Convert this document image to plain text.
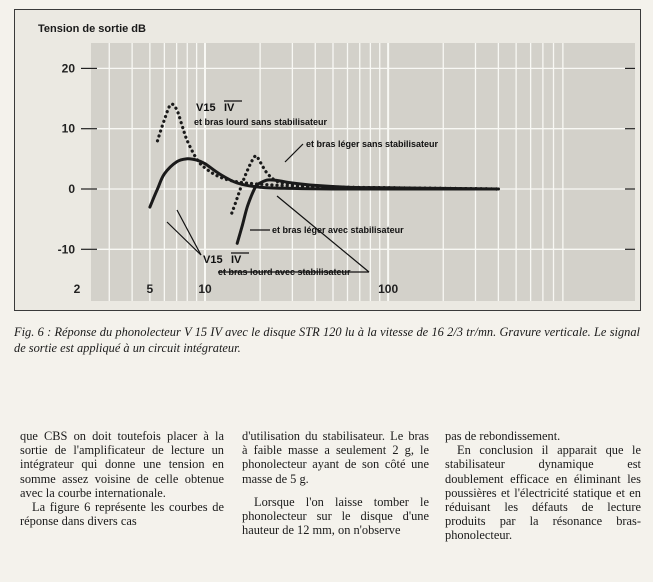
Tension de sortie dB
20
10
0
-10
2	5	10	100
V15 IV
et bras lourd sans stabilisateur
et bras léger sans stabilisateur
et bras léger avec stabilisateur
V15 IV
et bras lourd avec stabilisateur
Fig. 6 : Réponse du phonolecteur V 15 IV avec le disque STR 120 lu à la vitesse de 16 2/3 tr/mn. Gravure verticale. Le signal de sortie est appliqué à un circuit intégrateur.

que CBS on doit toutefois placer à la sortie de l'amplificateur de lecture un intégrateur qui donne une tension en somme assez voisine de celle obtenue avec la courbe internationale.

La figure 6 représente les courbes de réponse dans divers cas

d'utilisation du stabilisateur. Le bras à faible masse a seulement 2 g, le phonolecteur ayant de son côté une masse de 5 g.

Lorsque l'on laisse tomber le phonolecteur sur le disque d'une hauteur de 12 mm, on n'observe

pas de rebondissement.

En conclusion il apparait que le stabilisateur dynamique est doublement efficace en éliminant les poussières et l'électricité statique et en réduisant les défauts de lecture produits par la résonance bras-phonolecteur.
